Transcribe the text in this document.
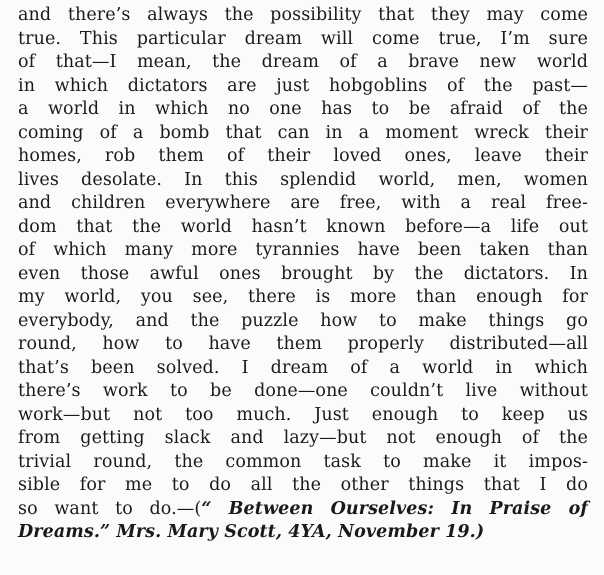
and there’s always the possibility that they may come
true. This particular dream will come true, I’m sure
of that—I mean, the dream of a brave new world
in which dictators are just hobgoblins of the past—
a world in which no one has to be afraid of the
coming of a bomb that can in a moment wreck their
homes, rob them of their loved ones, leave their
lives desolate. In this splendid world, men, women
and children everywhere are free, with a real free-
dom that the world hasn’t known before—a life out
of which many more tyrannies have been taken than
even those awful ones brought by the dictators. In
my world, you see, there is more than enough for
everybody, and the puzzle how to make things go
round, how to have them properly distributed—all
that’s been solved. I dream of a world in which
there’s work to be done—one couldn’t live without
work—but not too much. Just enough to keep us
from getting slack and lazy—but not enough of the
trivial round, the common task to make it impos-
sible for me to do all the other things that I do
so want to do.—(“ Between Ourselves: In Praise of
Dreams.” Mrs. Mary Scott, 4YA, November 19.)
